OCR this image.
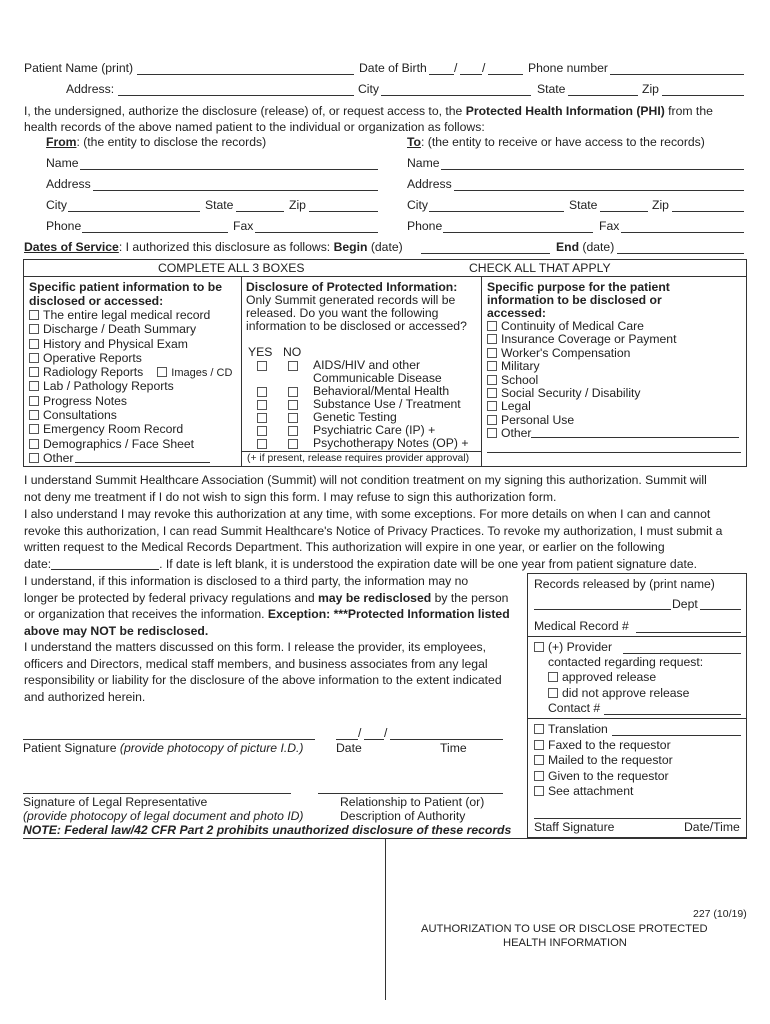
Patient Name (print)	Date of Birth / /	Phone number
Address:	City	State	Zip
I, the undersigned, authorize the disclosure (release) of, or request access to, the Protected Health Information (PHI) from the
health records of the above named patient to the individual or organization as follows:
From: (the entity to disclose the records)
Name
Address
City	State	Zip
Phone	Fax
To: (the entity to receive or have access to the records)
Name
Address
City	State	Zip
Phone	Fax
Dates of Service: I authorized this disclosure as follows: Begin (date)	End (date)
COMPLETE ALL 3 BOXES	CHECK ALL THAT APPLY
Specific patient information to be
disclosed or accessed:
The entire legal medical record
Discharge / Death Summary
History and Physical Exam
Operative Reports
Radiology Reports	Images / CD
Lab / Pathology Reports
Progress Notes
Consultations
Emergency Room Record
Demographics / Face Sheet
Other
Disclosure of Protected Information:
Only Summit generated records will be
released. Do you want the following
information to be disclosed or accessed?
YES NO
AIDS/HIV and other
Communicable Disease
Behavioral/Mental Health
Substance Use / Treatment
Genetic Testing
Psychiatric Care (IP) +
Psychotherapy Notes (OP) +
(+ if present, release requires provider approval)
Specific purpose for the patient
information to be disclosed or
accessed:
Continuity of Medical Care
Insurance Coverage or Payment
Worker's Compensation
Military
School
Social Security / Disability
Legal
Personal Use
Other
I understand Summit Healthcare Association (Summit) will not condition treatment on my signing this authorization. Summit will
not deny me treatment if I do not wish to sign this form. I may refuse to sign this authorization form.
I also understand I may revoke this authorization at any time, with some exceptions. For more details on when I can and cannot
revoke this authorization, I can read Summit Healthcare's Notice of Privacy Practices. To revoke my authorization, I must submit a
written request to the Medical Records Department. This authorization will expire in one year, or earlier on the following
date:	. If date is left blank, it is understood the expiration date will be one year from patient signature date.
I understand, if this information is disclosed to a third party, the information may no
longer be protected by federal privacy regulations and may be redisclosed by the person
or organization that receives the information. Exception: ***Protected Information listed
above may NOT be redisclosed.
I understand the matters discussed on this form. I release the provider, its employees,
officers and Directors, medical staff members, and business associates from any legal
responsibility or liability for the disclosure of the above information to the extent indicated
and authorized herein.
/ /
Patient Signature (provide photocopy of picture I.D.)	Date	Time
Signature of Legal Representative
(provide photocopy of legal document and photo ID)
Relationship to Patient (or)
Description of Authority
NOTE: Federal law/42 CFR Part 2 prohibits unauthorized disclosure of these records
Records released by (print name)
Dept
Medical Record #
(+) Provider
contacted regarding request:
approved release
did not approve release
Contact #
Translation
Faxed to the requestor
Mailed to the requestor
Given to the requestor
See attachment
Staff Signature	Date/Time
227 (10/19)
AUTHORIZATION TO USE OR DISCLOSE PROTECTED
HEALTH INFORMATION
